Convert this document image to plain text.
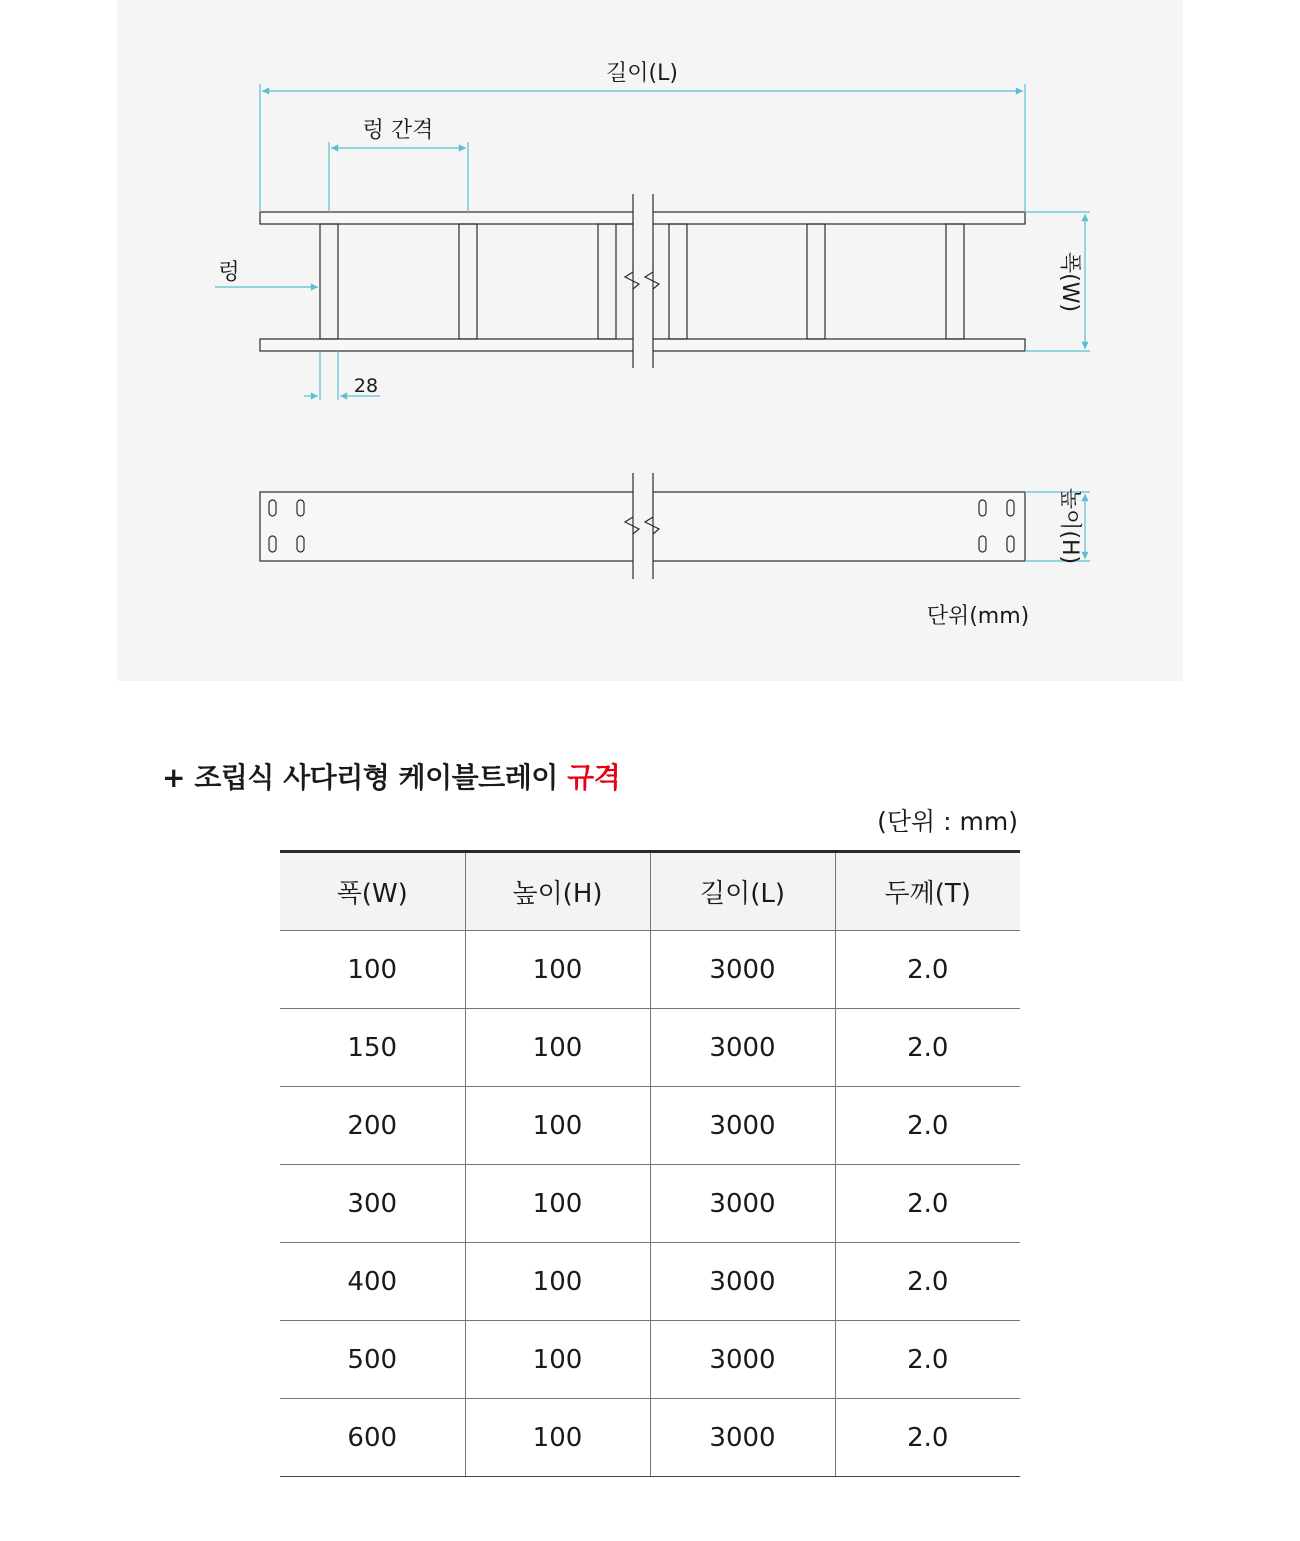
길이(L)
렁 간격
렁
28
폭(W)
높이(H)
단위(mm)
+ 조립식 사다리형 케이블트레이 규격
(단위 : mm)
폭(W)	높이(H)	길이(L)	두께(T)
100	100	3000	2.0
150	100	3000	2.0
200	100	3000	2.0
300	100	3000	2.0
400	100	3000	2.0
500	100	3000	2.0
600	100	3000	2.0
